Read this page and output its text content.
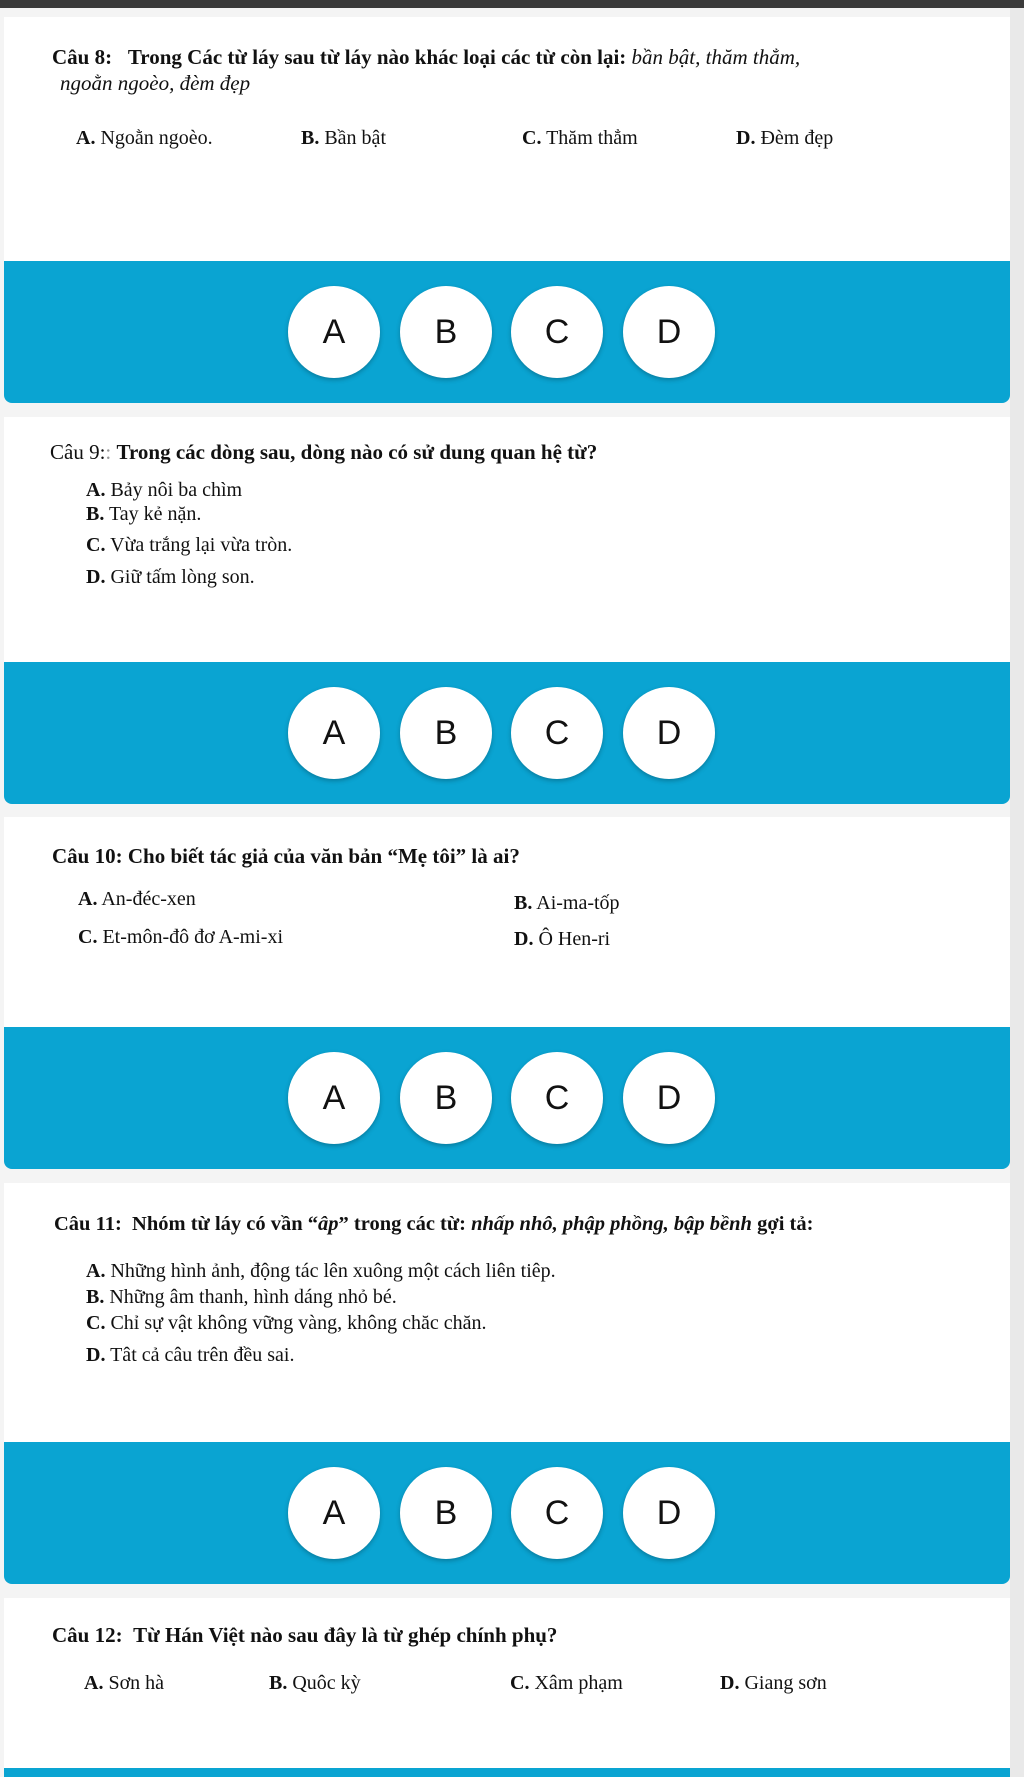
Câu 8: Trong Các từ láy sau từ láy nào khác loại các từ còn lại: bần bật, thăm thẳm,
ngoằn ngoèo, đèm đẹp
A. Ngoằn ngoèo.	B. Bần bật	C. Thăm thẳm	D. Đèm đẹp
A	B	C	D
Câu 9:: Trong các dòng sau, dòng nào có sử dung quan hệ từ?
A. Bảy nôi ba chìm
B. Tay kẻ nặn.
C. Vừa trắng lại vừa tròn.
D. Giữ tấm lòng son.
A	B	C	D
Câu 10: Cho biết tác giả của văn bản “Mẹ tôi” là ai?
A. An-đéc-xen	B. Ai-ma-tốp
C. Et-môn-đô đơ A-mi-xi	D. Ô Hen-ri
A	B	C	D
Câu 11: Nhóm từ láy có vần “âp” trong các từ: nhấp nhô, phập phồng, bập bềnh gợi tả:
A. Những hình ảnh, động tác lên xuông một cách liên tiêp.
B. Những âm thanh, hình dáng nhỏ bé.
C. Chỉ sự vật không vững vàng, không chăc chăn.
D. Tât cả câu trên đều sai.
A	B	C	D
Câu 12: Từ Hán Việt nào sau đây là từ ghép chính phụ?
A. Sơn hà	B. Quôc kỳ	C. Xâm phạm	D. Giang sơn
